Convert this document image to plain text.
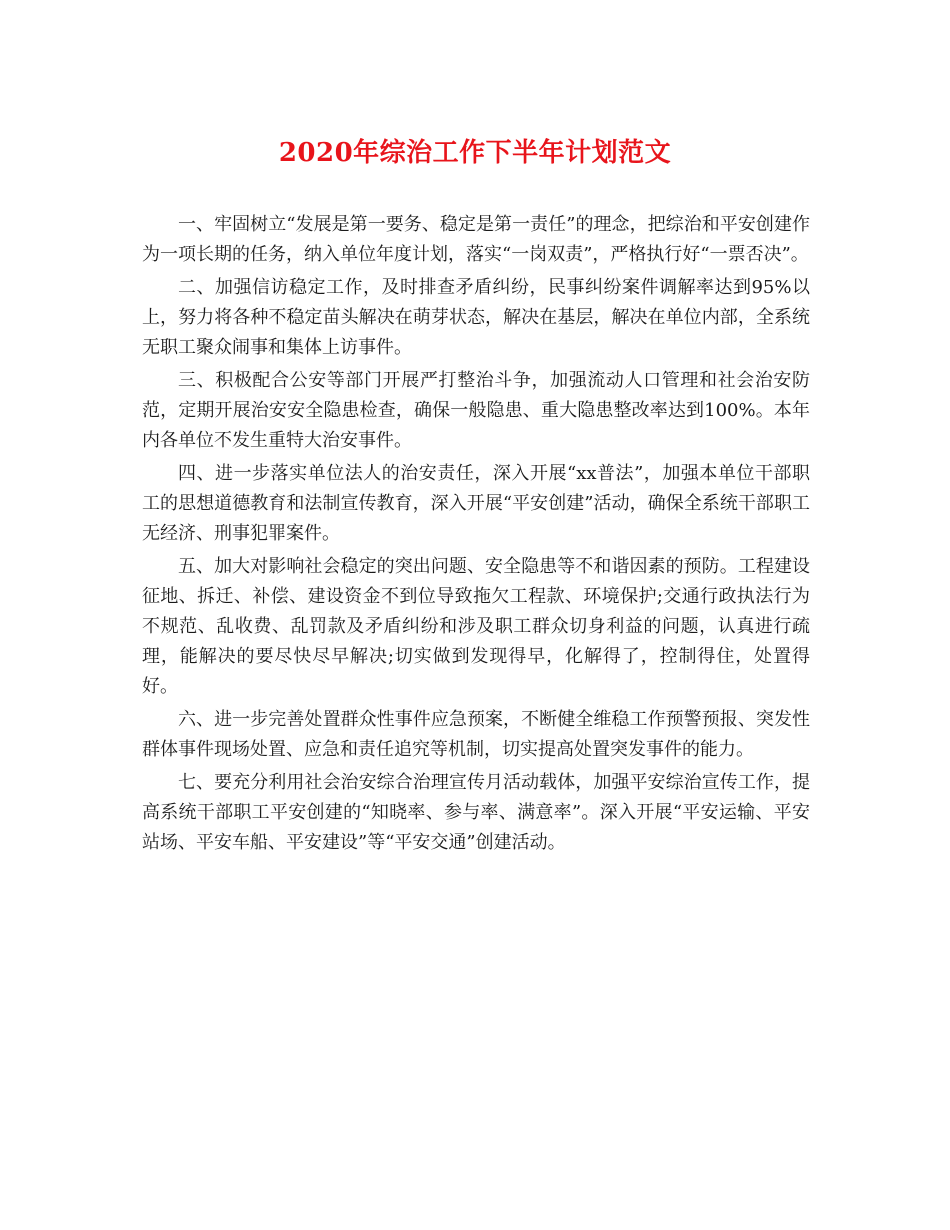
2020年综治工作下半年计划范文

一、牢固树立“发展是第一要务、稳定是第一责任”的理念，把综治和平安创建作为一项长期的任务，纳入单位年度计划，落实“一岗双责”，严格执行好“一票否决”。

二、加强信访稳定工作，及时排查矛盾纠纷，民事纠纷案件调解率达到95%以上，努力将各种不稳定苗头解决在萌芽状态，解决在基层，解决在单位内部，全系统无职工聚众闹事和集体上访事件。

三、积极配合公安等部门开展严打整治斗争，加强流动人口管理和社会治安防范，定期开展治安安全隐患检查，确保一般隐患、重大隐患整改率达到100%。本年内各单位不发生重特大治安事件。

四、进一步落实单位法人的治安责任，深入开展“xx普法”，加强本单位干部职工的思想道德教育和法制宣传教育，深入开展“平安创建”活动，确保全系统干部职工无经济、刑事犯罪案件。

五、加大对影响社会稳定的突出问题、安全隐患等不和谐因素的预防。工程建设征地、拆迁、补偿、建设资金不到位导致拖欠工程款、环境保护;交通行政执法行为不规范、乱收费、乱罚款及矛盾纠纷和涉及职工群众切身利益的问题，认真进行疏理，能解决的要尽快尽早解决;切实做到发现得早，化解得了，控制得住，处置得好。

六、进一步完善处置群众性事件应急预案，不断健全维稳工作预警预报、突发性群体事件现场处置、应急和责任追究等机制，切实提高处置突发事件的能力。

七、要充分利用社会治安综合治理宣传月活动载体，加强平安综治宣传工作，提高系统干部职工平安创建的“知晓率、参与率、满意率”。深入开展“平安运输、平安站场、平安车船、平安建设”等“平安交通”创建活动。
